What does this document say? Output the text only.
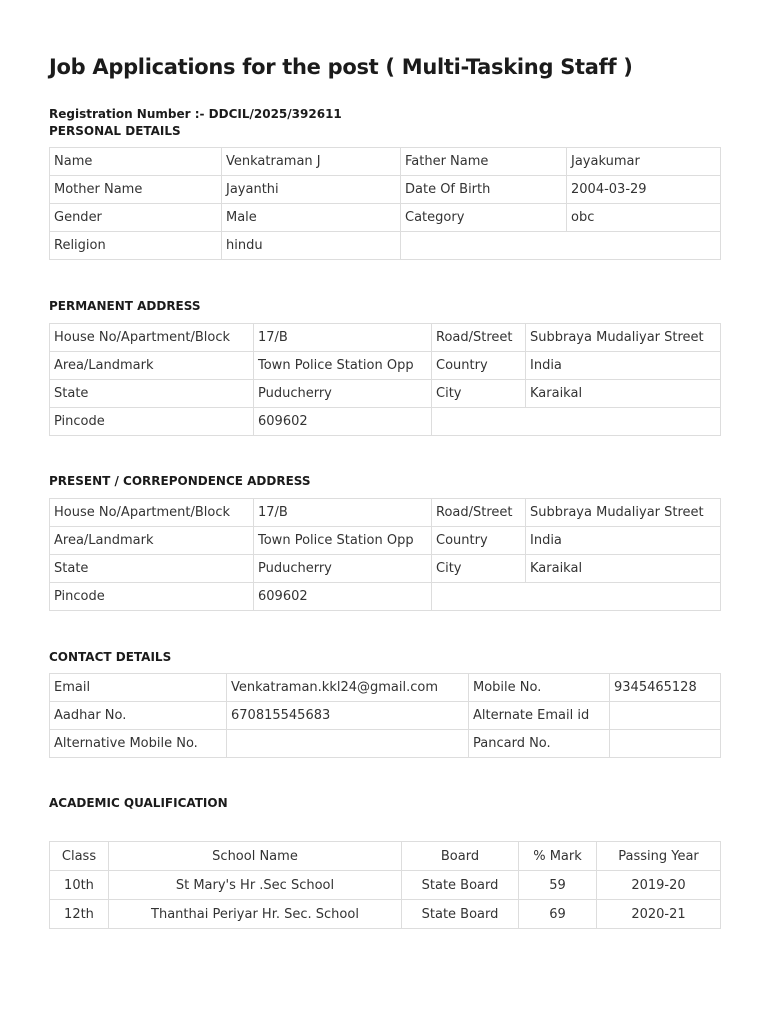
Job Applications for the post ( Multi-Tasking Staff )
Registration Number :- DDCIL/2025/392611
PERSONAL DETAILS
Name	Venkatraman J	Father Name	Jayakumar
Mother Name	Jayanthi	Date Of Birth	2004-03-29
Gender	Male	Category	obc
Religion	hindu		
PERMANENT ADDRESS
House No/Apartment/Block	17/B	Road/Street	Subbraya Mudaliyar Street
Area/Landmark	Town Police Station Opp	Country	India
State	Puducherry	City	Karaikal
Pincode	609602		
PRESENT / CORREPONDENCE ADDRESS
House No/Apartment/Block	17/B	Road/Street	Subbraya Mudaliyar Street
Area/Landmark	Town Police Station Opp	Country	India
State	Puducherry	City	Karaikal
Pincode	609602		
CONTACT DETAILS
Email	Venkatraman.kkl24@gmail.com	Mobile No.	9345465128
Aadhar No.	670815545683	Alternate Email id	
Alternative Mobile No.		Pancard No.	
ACADEMIC QUALIFICATION
Class	School Name	Board	% Mark	Passing Year
10th	St Mary's Hr .Sec School	State Board	59	2019-20
12th	Thanthai Periyar Hr. Sec. School	State Board	69	2020-21
